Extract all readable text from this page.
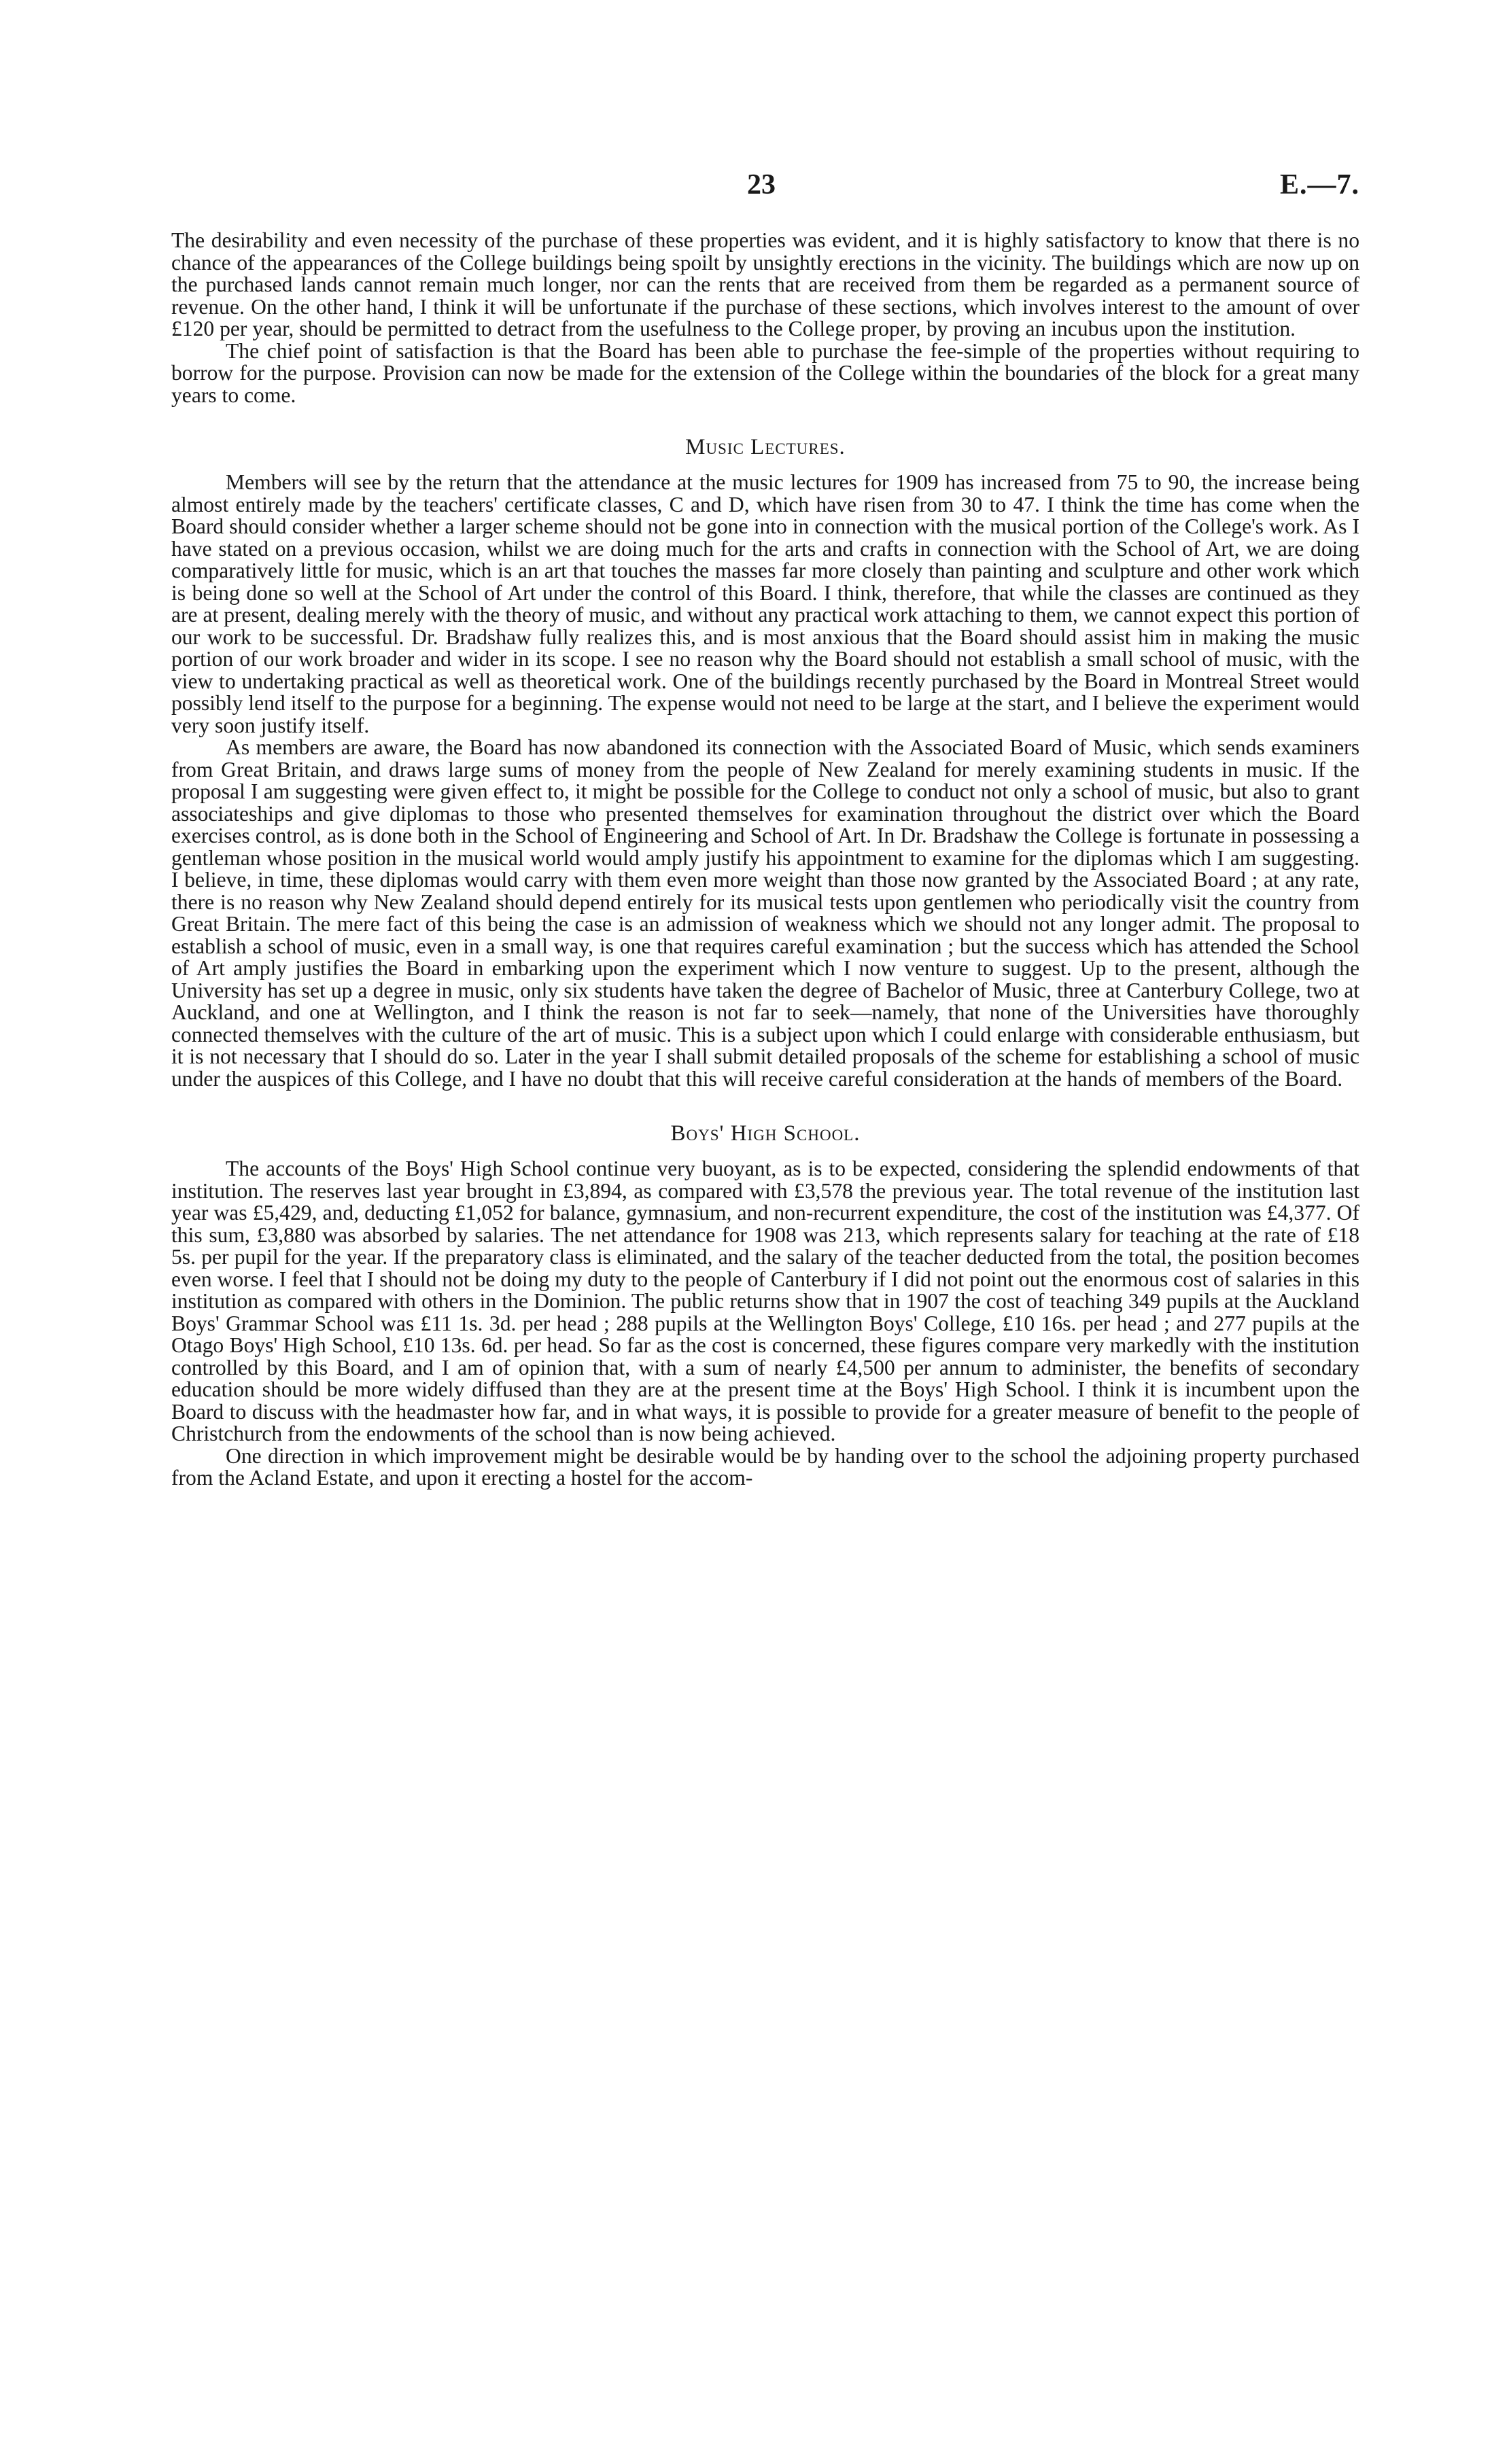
23	E.—7.

The desirability and even necessity of the purchase of these properties was evident, and it is highly satisfactory to know that there is no chance of the appearances of the College buildings being spoilt by unsightly erections in the vicinity. The buildings which are now up on the purchased lands cannot remain much longer, nor can the rents that are received from them be regarded as a permanent source of revenue. On the other hand, I think it will be unfortunate if the purchase of these sections, which involves interest to the amount of over £120 per year, should be permitted to detract from the usefulness to the College proper, by proving an incubus upon the institution.

The chief point of satisfaction is that the Board has been able to purchase the fee-simple of the properties without requiring to borrow for the purpose. Provision can now be made for the extension of the College within the boundaries of the block for a great many years to come.

Music Lectures.

Members will see by the return that the attendance at the music lectures for 1909 has increased from 75 to 90, the increase being almost entirely made by the teachers' certificate classes, C and D, which have risen from 30 to 47. I think the time has come when the Board should consider whether a larger scheme should not be gone into in connection with the musical portion of the College's work. As I have stated on a previous occasion, whilst we are doing much for the arts and crafts in connection with the School of Art, we are doing comparatively little for music, which is an art that touches the masses far more closely than painting and sculpture and other work which is being done so well at the School of Art under the control of this Board. I think, therefore, that while the classes are continued as they are at present, dealing merely with the theory of music, and without any practical work attaching to them, we cannot expect this portion of our work to be successful. Dr. Bradshaw fully realizes this, and is most anxious that the Board should assist him in making the music portion of our work broader and wider in its scope. I see no reason why the Board should not establish a small school of music, with the view to undertaking practical as well as theoretical work. One of the buildings recently purchased by the Board in Montreal Street would possibly lend itself to the purpose for a beginning. The expense would not need to be large at the start, and I believe the experiment would very soon justify itself.

As members are aware, the Board has now abandoned its connection with the Associated Board of Music, which sends examiners from Great Britain, and draws large sums of money from the people of New Zealand for merely examining students in music. If the proposal I am suggesting were given effect to, it might be possible for the College to conduct not only a school of music, but also to grant associateships and give diplomas to those who presented themselves for examination throughout the district over which the Board exercises control, as is done both in the School of Engineering and School of Art. In Dr. Bradshaw the College is fortunate in possessing a gentleman whose position in the musical world would amply justify his appointment to examine for the diplomas which I am suggesting. I believe, in time, these diplomas would carry with them even more weight than those now granted by the Associated Board ; at any rate, there is no reason why New Zealand should depend entirely for its musical tests upon gentlemen who periodically visit the country from Great Britain. The mere fact of this being the case is an admission of weakness which we should not any longer admit. The proposal to establish a school of music, even in a small way, is one that requires careful examination ; but the success which has attended the School of Art amply justifies the Board in embarking upon the experiment which I now venture to suggest. Up to the present, although the University has set up a degree in music, only six students have taken the degree of Bachelor of Music, three at Canterbury College, two at Auckland, and one at Wellington, and I think the reason is not far to seek—namely, that none of the Universities have thoroughly connected themselves with the culture of the art of music. This is a subject upon which I could enlarge with considerable enthusiasm, but it is not necessary that I should do so. Later in the year I shall submit detailed proposals of the scheme for establishing a school of music under the auspices of this College, and I have no doubt that this will receive careful consideration at the hands of members of the Board.

Boys' High School.

The accounts of the Boys' High School continue very buoyant, as is to be expected, considering the splendid endowments of that institution. The reserves last year brought in £3,894, as compared with £3,578 the previous year. The total revenue of the institution last year was £5,429, and, deducting £1,052 for balance, gymnasium, and non-recurrent expenditure, the cost of the institution was £4,377. Of this sum, £3,880 was absorbed by salaries. The net attendance for 1908 was 213, which represents salary for teaching at the rate of £18 5s. per pupil for the year. If the preparatory class is eliminated, and the salary of the teacher deducted from the total, the position becomes even worse. I feel that I should not be doing my duty to the people of Canterbury if I did not point out the enormous cost of salaries in this institution as compared with others in the Dominion. The public returns show that in 1907 the cost of teaching 349 pupils at the Auckland Boys' Grammar School was £11 1s. 3d. per head ; 288 pupils at the Wellington Boys' College, £10 16s. per head ; and 277 pupils at the Otago Boys' High School, £10 13s. 6d. per head. So far as the cost is concerned, these figures compare very markedly with the institution controlled by this Board, and I am of opinion that, with a sum of nearly £4,500 per annum to administer, the benefits of secondary education should be more widely diffused than they are at the present time at the Boys' High School. I think it is incumbent upon the Board to discuss with the headmaster how far, and in what ways, it is possible to provide for a greater measure of benefit to the people of Christchurch from the endowments of the school than is now being achieved.

One direction in which improvement might be desirable would be by handing over to the school the adjoining property purchased from the Acland Estate, and upon it erecting a hostel for the accom-
